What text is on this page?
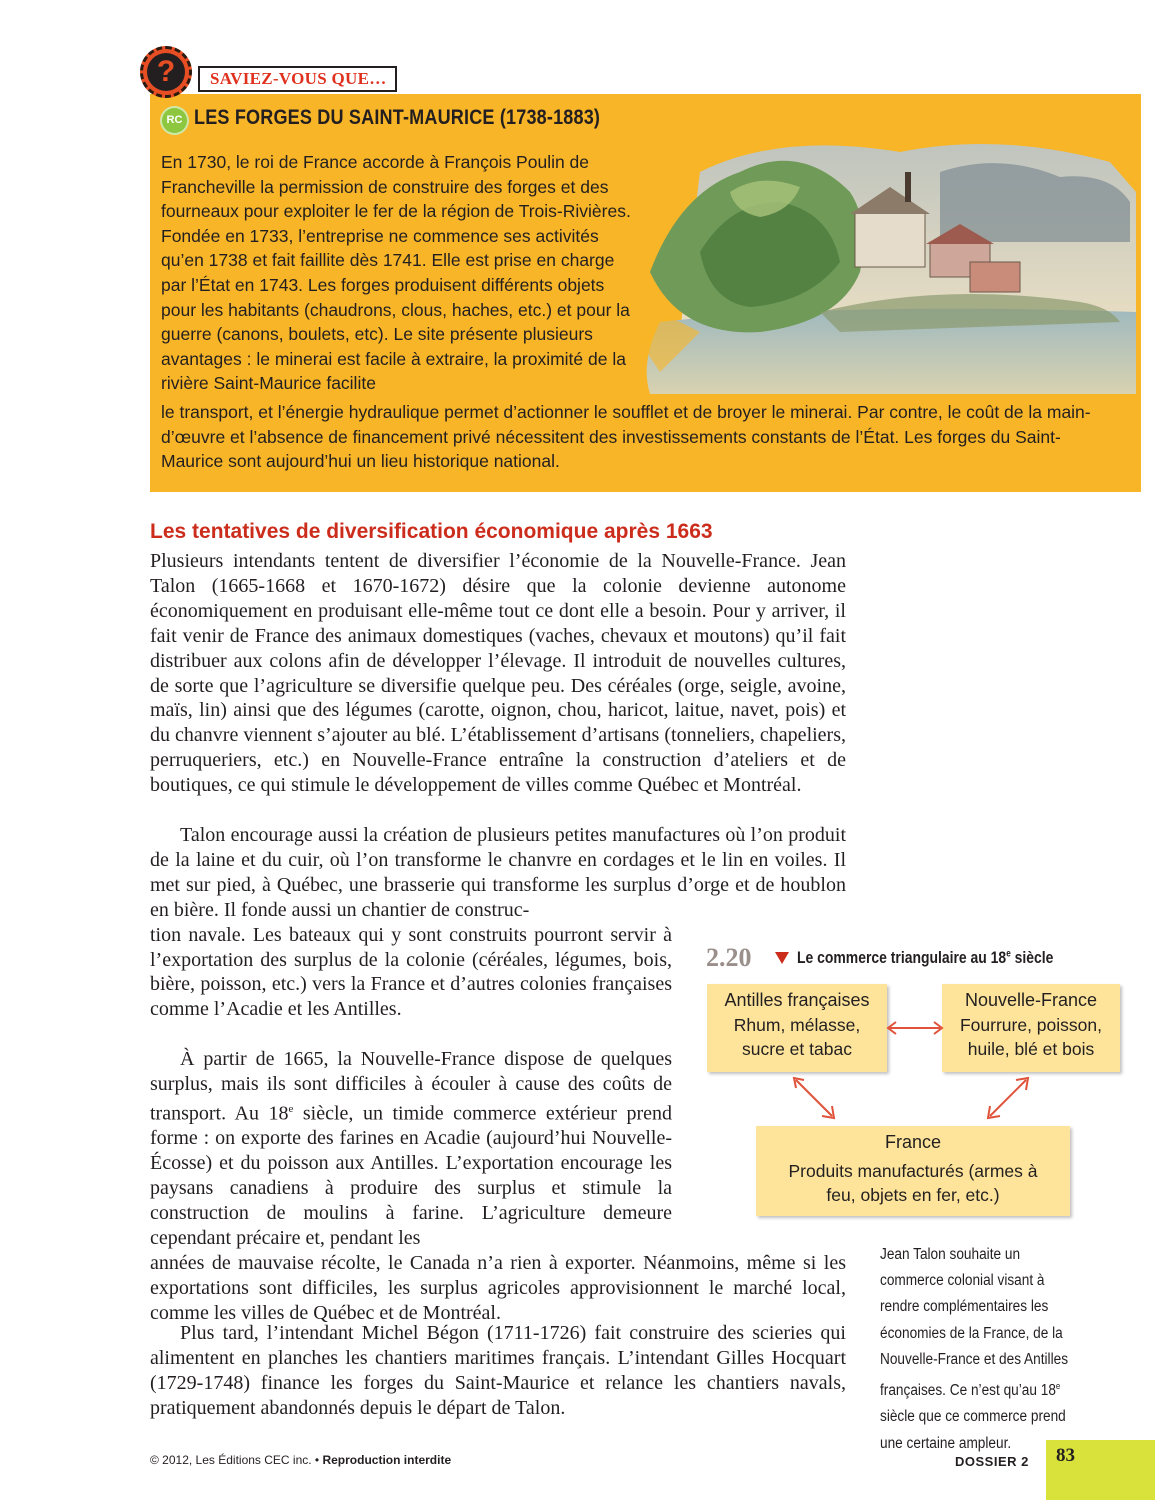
?	SAVIEZ-VOUS QUE…
RC LES FORGES DU SAINT-MAURICE (1738-1883)

En 1730, le roi de France accorde à François Poulin de Francheville la permission de construire des forges et des fourneaux pour exploiter le fer de la région de Trois-Rivières. Fondée en 1733, l’entreprise ne commence ses activités qu’en 1738 et fait faillite dès 1741. Elle est prise en charge par l’État en 1743. Les forges produisent différents objets pour les habitants (chaudrons, clous, haches, etc.) et pour la guerre (canons, boulets, etc). Le site présente plusieurs avantages : le minerai est facile à extraire, la proximité de la rivière Saint-Maurice facilite

le transport, et l’énergie hydraulique permet d’actionner le soufflet et de broyer le minerai. Par contre, le coût de la main-d’œuvre et l’absence de financement privé nécessitent des investissements constants de l’État. Les forges du Saint-Maurice sont aujourd’hui un lieu historique national.

Les tentatives de diversification économique après 1663

Plusieurs intendants tentent de diversifier l’économie de la Nouvelle-France. Jean Talon (1665-1668 et 1670-1672) désire que la colonie devienne autonome économiquement en produisant elle-même tout ce dont elle a besoin. Pour y arriver, il fait venir de France des animaux domestiques (vaches, chevaux et moutons) qu’il fait distribuer aux colons afin de développer l’élevage. Il introduit de nouvelles cultures, de sorte que l’agriculture se diversifie quelque peu. Des céréales (orge, seigle, avoine, maïs, lin) ainsi que des légumes (carotte, oignon, chou, haricot, laitue, navet, pois) et du chanvre viennent s’ajouter au blé. L’établissement d’artisans (tonneliers, chapeliers, perruqueriers, etc.) en Nouvelle-France entraîne la construction d’ateliers et de boutiques, ce qui stimule le développement de villes comme Québec et Montréal.

Talon encourage aussi la création de plusieurs petites manufactures où l’on produit de la laine et du cuir, où l’on transforme le chanvre en cordages et le lin en voiles. Il met sur pied, à Québec, une brasserie qui transforme les surplus d’orge et de houblon en bière. Il fonde aussi un chantier de construc-
tion navale. Les bateaux qui y sont construits pourront servir à l’exportation des surplus de la colonie (céréales, légumes, bois, bière, poisson, etc.) vers la France et d’autres colonies françaises comme l’Acadie et les Antilles.
À partir de 1665, la Nouvelle-France dispose de quelques surplus, mais ils sont difficiles à écouler à cause des coûts de transport. Au 18e siècle, un timide commerce extérieur prend forme : on exporte des farines en Acadie (aujourd’hui Nouvelle-Écosse) et du poisson aux Antilles. L’exportation encourage les paysans canadiens à produire des surplus et stimule la construction de moulins à farine. L’agriculture demeure cependant précaire et, pendant les
années de mauvaise récolte, le Canada n’a rien à exporter. Néanmoins, même si les exportations sont difficiles, les surplus agricoles approvisionnent le marché local, comme les villes de Québec et de Montréal.

Plus tard, l’intendant Michel Bégon (1711-1726) fait construire des scieries qui alimentent en planches les chantiers maritimes français. L’intendant Gilles Hocquart (1729-1748) finance les forges du Saint-Maurice et relance les chantiers navals, pratiquement abandonnés depuis le départ de Talon.

2.20	Le commerce triangulaire au 18e siècle
Antilles françaises
Rhum, mélasse, sucre et tabac
Nouvelle-France
Fourrure, poisson, huile, blé et bois
France
Produits manufacturés (armes à feu, objets en fer, etc.)
Jean Talon souhaite un commerce colonial visant à rendre complémentaires les économies de la France, de la Nouvelle-France et des Antilles françaises. Ce n’est qu’au 18e siècle que ce commerce prend une certaine ampleur.
© 2012, Les Éditions CEC inc. • Reproduction interdite	DOSSIER 2 83
